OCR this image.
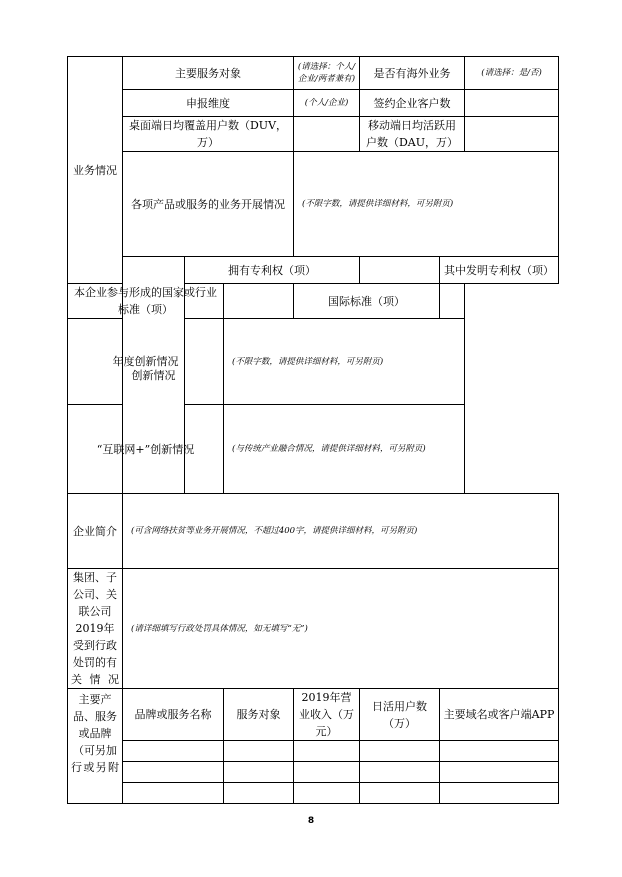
业务情况	主要服务对象			(请选择：个人/企业/两者兼有)	是否有海外业务		(请选择：是/否)	
	申报维度			(个人/企业)	签约企业客户数			
	桌面端日均覆盖用户数（DUV，万）				移动端日均活跃用户数（DAU，万）			
	各项产品或服务的业务开展情况			(不限字数，请提供详细材料，可另附页)				
	创新情况	拥有专利权（项）				其中发明专利权（项）		
本企业参与形成的国家或行业标准（项）				国际标准（项）				
年度创新情况			(不限字数，请提供详细材料，可另附页)					
“互联网+”创新情况			(与传统产业融合情况，请提供详细材料，可另附页)					
企业简介	(可含网络扶贫等业务开展情况，不超过400字，请提供详细材料，可另附页)							
集团、子公司、关联公司2019年受到行政处罚的有关情况	(请详细填写行政处罚具体情况，如无填写“无”)							
主要产品、服务或品牌（可另加行或另附	品牌或服务名称		服务对象	2019年营业收入（万元）	日活用户数（万）	主要域名或客户端APP	

8
